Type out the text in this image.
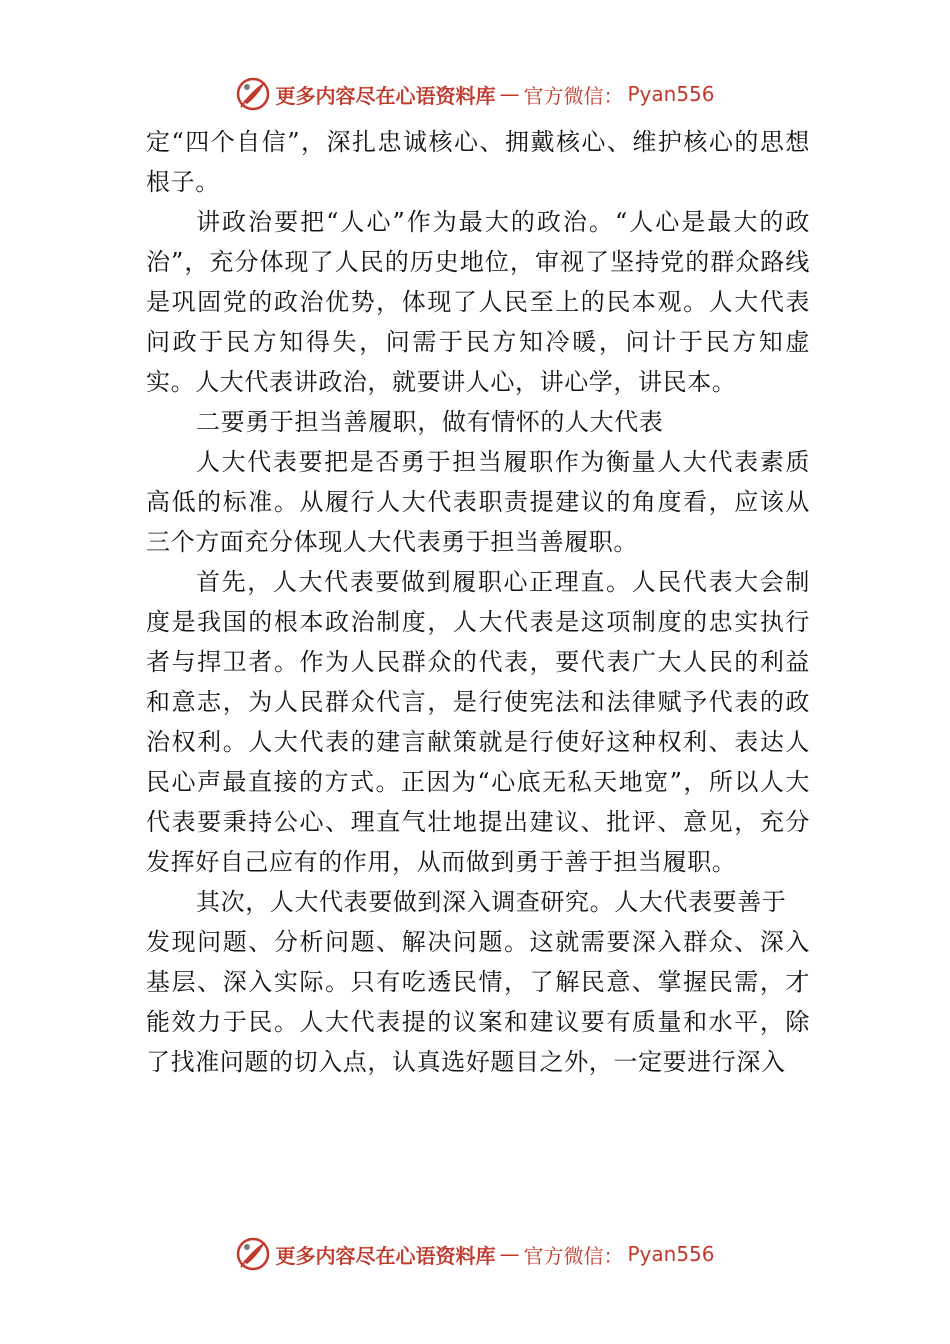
更多内容尽在心语资料库 — 官方微信： Pyan556

定“四个自信”，深扎忠诚核心、拥戴核心、维护核心的思想根子。

讲政治要把“人心”作为最大的政治。“人心是最大的政治”，充分体现了人民的历史地位，审视了坚持党的群众路线是巩固党的政治优势，体现了人民至上的民本观。人大代表问政于民方知得失，问需于民方知冷暖，问计于民方知虚实。人大代表讲政治，就要讲人心，讲心学，讲民本。

二要勇于担当善履职，做有情怀的人大代表

人大代表要把是否勇于担当履职作为衡量人大代表素质高低的标准。从履行人大代表职责提建议的角度看，应该从三个方面充分体现人大代表勇于担当善履职。

首先，人大代表要做到履职心正理直。人民代表大会制度是我国的根本政治制度，人大代表是这项制度的忠实执行者与捍卫者。作为人民群众的代表，要代表广大人民的利益和意志，为人民群众代言，是行使宪法和法律赋予代表的政治权利。人大代表的建言献策就是行使好这种权利、表达人民心声最直接的方式。正因为“心底无私天地宽”，所以人大代表要秉持公心、理直气壮地提出建议、批评、意见，充分发挥好自己应有的作用，从而做到勇于善于担当履职。

其次，人大代表要做到深入调查研究。人大代表要善于

发现问题、分析问题、解决问题。这就需要深入群众、深入基层、深入实际。只有吃透民情，了解民意、掌握民需，才能效力于民。人大代表提的议案和建议要有质量和水平，除了找准问题的切入点，认真选好题目之外，一定要进行深入

更多内容尽在心语资料库 — 官方微信： Pyan556
